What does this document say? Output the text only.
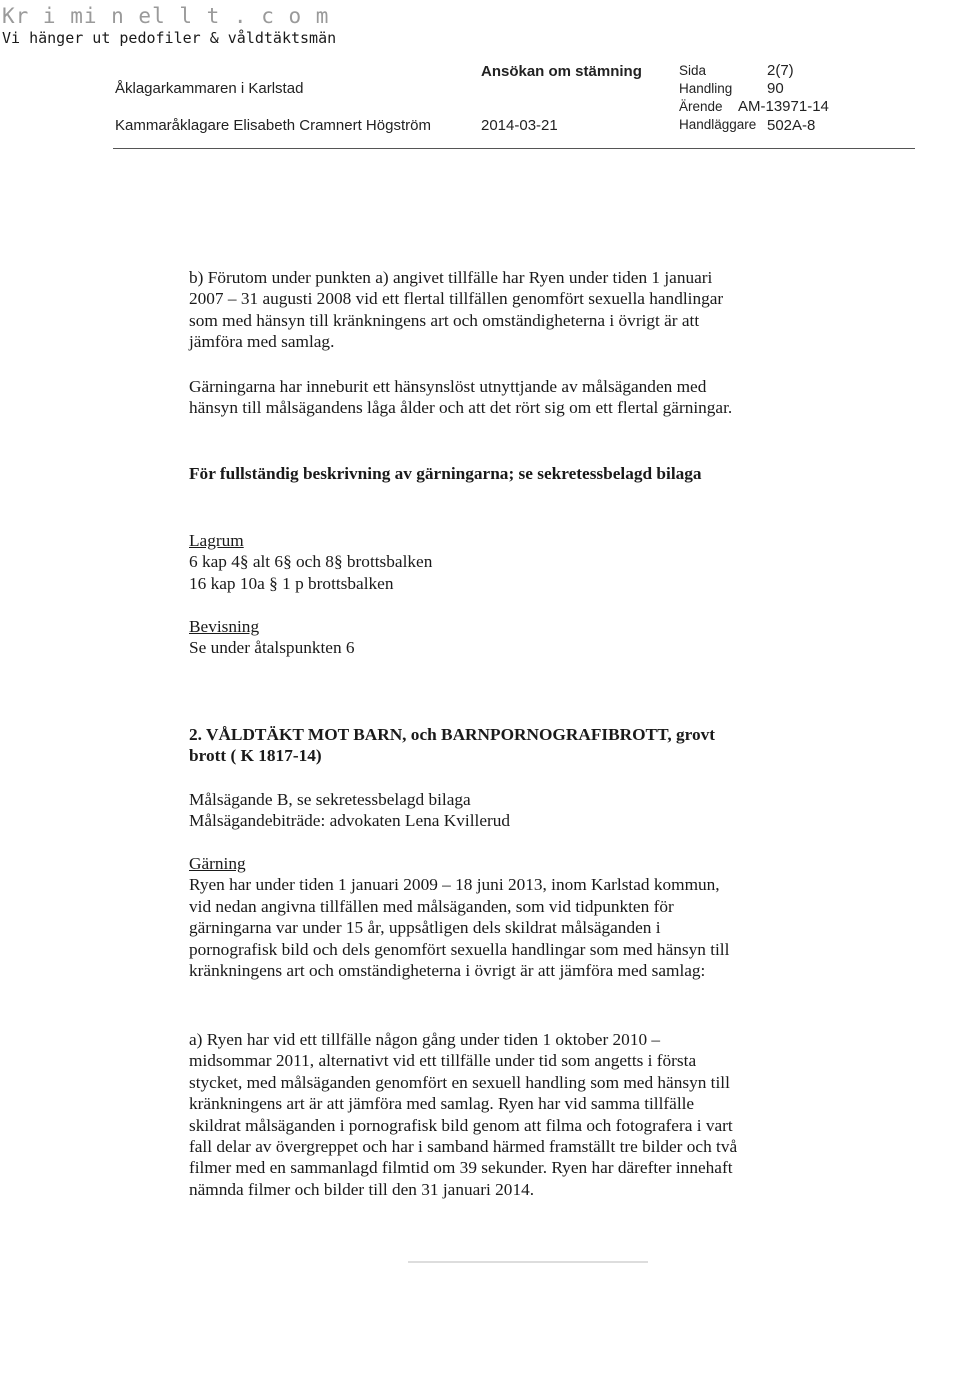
Kr i mi n el l t . c o m
Vi hänger ut pedofiler & våldtäktsmän
Åklagarkammaren i Karlstad
Kammaråklagare Elisabeth Cramnert Högström
Ansökan om stämning
2014-03-21
Sida	2(7)
Handling 90
Ärende AM-13971-14
Handläggare 502A-8

b) Förutom under punkten a) angivet tillfälle har Ryen under tiden 1 januari

2007 – 31 augusti 2008 vid ett flertal tillfällen genomfört sexuella handlingar

som med hänsyn till kränkningens art och omständigheterna i övrigt är att

jämföra med samlag.

Gärningarna har inneburit ett hänsynslöst utnyttjande av målsäganden med

hänsyn till målsägandens låga ålder och att det rört sig om ett flertal gärningar.

För fullständig beskrivning av gärningarna; se sekretessbelagd bilaga

Lagrum

6 kap 4§ alt 6§ och 8§ brottsbalken

16 kap 10a § 1 p brottsbalken

Bevisning

Se under åtalspunkten 6

2. VÅLDTÄKT MOT BARN, och BARNPORNOGRAFIBROTT, grovt

brott ( K 1817-14)

Målsägande B, se sekretessbelagd bilaga

Målsägandebiträde: advokaten Lena Kvillerud

Gärning

Ryen har under tiden 1 januari 2009 – 18 juni 2013, inom Karlstad kommun,

vid nedan angivna tillfällen med målsäganden, som vid tidpunkten för

gärningarna var under 15 år, uppsåtligen dels skildrat målsäganden i

pornografisk bild och dels genomfört sexuella handlingar som med hänsyn till

kränkningens art och omständigheterna i övrigt är att jämföra med samlag:

a) Ryen har vid ett tillfälle någon gång under tiden 1 oktober 2010 –

midsommar 2011, alternativt vid ett tillfälle under tid som angetts i första

stycket, med målsäganden genomfört en sexuell handling som med hänsyn till

kränkningens art är att jämföra med samlag. Ryen har vid samma tillfälle

skildrat målsäganden i pornografisk bild genom att filma och fotografera i vart

fall delar av övergreppet och har i samband härmed framställt tre bilder och två

filmer med en sammanlagd filmtid om 39 sekunder. Ryen har därefter innehaft

nämnda filmer och bilder till den 31 januari 2014.
